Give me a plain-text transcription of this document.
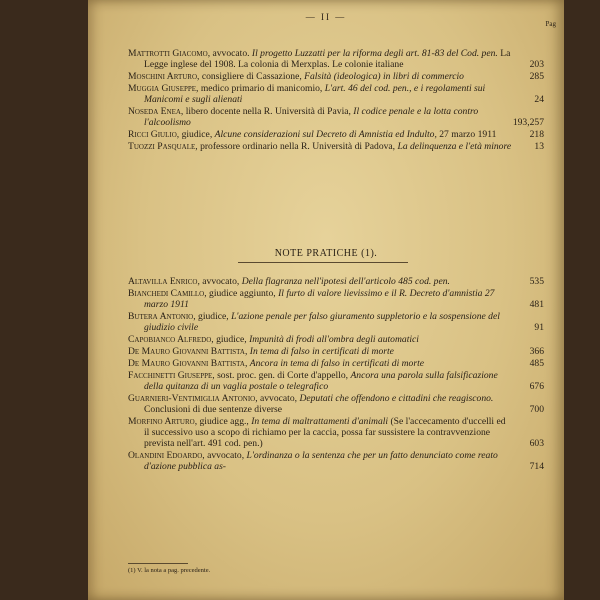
— II —
Pag
Mattrotti Giacomo, avvocato. Il progetto Luzzatti per la riforma degli art. 81-83 del Cod. pen. La Legge inglese del 1908. La colonia di Merxplas. Le colonie italiane	203
Moschini Arturo, consigliere di Cassazione, Falsità (ideologica) in libri di commercio	285
Muggia Giuseppe, medico primario di manicomio, L'art. 46 del cod. pen., e i regolamenti sui Manicomi e sugli alienati	24
Noseda Enea, libero docente nella R. Università di Pavia, Il codice penale e la lotta contro l'alcoolismo	193,257
Ricci Giulio, giudice, Alcune considerazioni sul Decreto di Amnistia ed Indulto, 27 marzo 1911	218
Tuozzi Pasquale, professore ordinario nella R. Università di Padova, La delinquenza e l'età minore 13
NOTE PRATICHE (1).
Altavilla Enrico, avvocato, Della flagranza nell'ipotesi dell'articolo 485 cod. pen.	535
Bianchedi Camillo, giudice aggiunto, Il furto di valore lievissimo e il R. Decreto d'amnistia 27 marzo 1911	481
Butera Antonio, giudice, L'azione penale per falso giuramento suppletorio e la sospensione del giudizio civile	91
Capobianco Alfredo, giudice, Impunità di frodi all'ombra degli automatici
De Mauro Giovanni Battista, In tema di falso in certificati di morte	366
De Mauro Giovanni Battista, Ancora in tema di falso in certificati di morte	485
Facchinetti Giuseppe, sost. proc. gen. di Corte d'appello, Ancora una parola sulla falsificazione della quitanza di un vaglia postale o telegrafico	676
Guarnieri-Ventimiglia Antonio, avvocato, Deputati che offendono e cittadini che reagiscono. Conclusioni di due sentenze diverse	700
Morfino Arturo, giudice agg., In tema di maltrattamenti d'animali (Se l'accecamento d'uccelli ed il successivo uso a scopo di richiamo per la caccia, possa far sussistere la contravvenzione prevista nell'art. 491 cod. pen.)	603
Olandini Edoardo, avvocato, L'ordinanza o la sentenza che per un fatto denunciato come reato d'azione pubblica as-	714
(1) V. la nota a pag. precedente.
